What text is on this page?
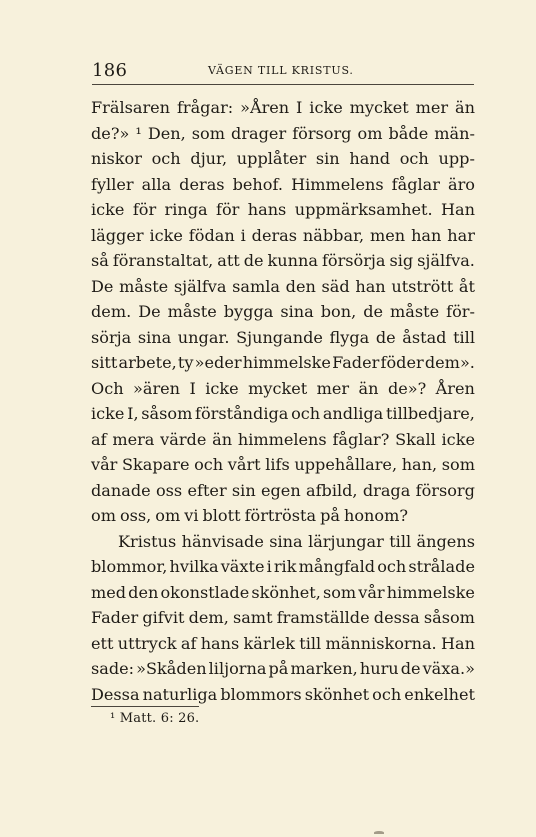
186	VÄGEN TILL KRISTUS.
Frälsaren frågar: »Åren I icke mycket mer än
de?» ¹ Den, som drager försorg om både män-
niskor och djur, upplåter sin hand och upp-
fyller alla deras behof. Himmelens fåglar äro
icke för ringa för hans uppmärksamhet. Han
lägger icke födan i deras näbbar, men han har
så föranstaltat, att de kunna försörja sig själfva.
De måste själfva samla den säd han utstrött åt
dem. De måste bygga sina bon, de måste för-
sörja sina ungar. Sjungande flyga de åstad till
sitt arbete, ty »eder himmelske Fader föder dem».
Och »ären I icke mycket mer än de»? Åren
icke I, såsom förståndiga och andliga tillbedjare,
af mera värde än himmelens fåglar? Skall icke
vår Skapare och vårt lifs uppehållare, han, som
danade oss efter sin egen afbild, draga försorg
om oss, om vi blott förtrösta på honom?
Kristus hänvisade sina lärjungar till ängens
blommor, hvilka växte i rik mångfald och strålade
med den okonstlade skönhet, som vår himmelske
Fader gifvit dem, samt framställde dessa såsom
ett uttryck af hans kärlek till människorna. Han
sade: »Skåden liljorna på marken, huru de växa.»
Dessa naturliga blommors skönhet och enkelhet
¹ Matt. 6: 26.
